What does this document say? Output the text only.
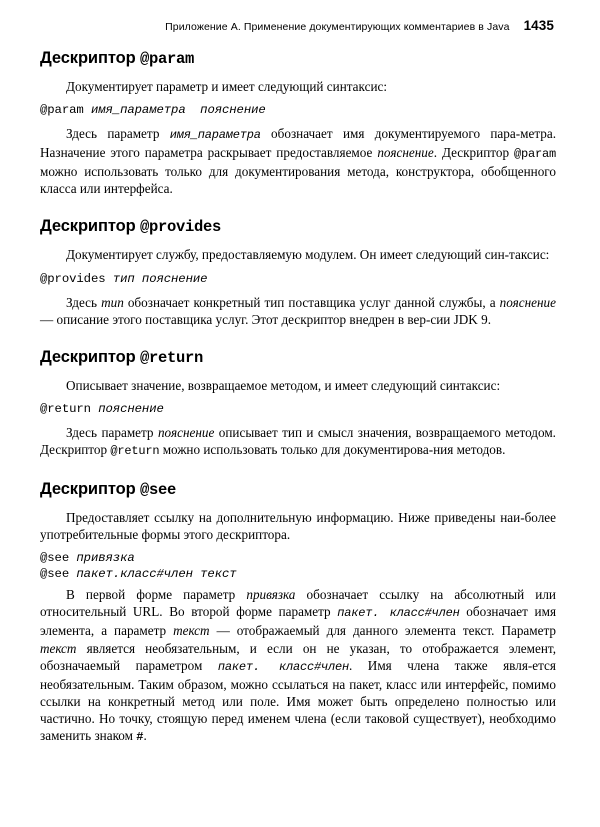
Приложение А. Применение документирующих комментариев в Java 1435
Дескриптор @param

Документирует параметр и имеет следующий синтаксис:

@param имя_параметра  пояснение

Здесь параметр имя_параметра обозначает имя документируемого пара-метра. Назначение этого параметра раскрывает предоставляемое пояснение. Дескриптор @param можно использовать только для документирования метода, конструктора, обобщенного класса или интерфейса.

Дескриптор @provides

Документирует службу, предоставляемую модулем. Он имеет следующий син-таксис:

@provides тип пояснение

Здесь тип обозначает конкретный тип поставщика услуг данной службы, а пояснение — описание этого поставщика услуг. Этот дескриптор внедрен в вер-сии JDK 9.

Дескриптор @return

Описывает значение, возвращаемое методом, и имеет следующий синтаксис:

@return пояснение

Здесь параметр пояснение описывает тип и смысл значения, возвращаемого методом. Дескриптор @return можно использовать только для документирова-ния методов.

Дескриптор @see

Предоставляет ссылку на дополнительную информацию. Ниже приведены наи-более употребительные формы этого дескриптора.

@see привязка
@see пакет.класс#член текст

В первой форме параметр привязка обозначает ссылку на абсолютный или относительный URL. Во второй форме параметр пакет. класс#член обозначает имя элемента, а параметр текст — отображаемый для данного элемента текст. Параметр текст является необязательным, и если он не указан, то отображается элемент, обозначаемый параметром пакет. класс#член. Имя члена также явля-ется необязательным. Таким образом, можно ссылаться на пакет, класс или интерфейс, помимо ссылки на конкретный метод или поле. Имя может быть определено полностью или частично. Но точку, стоящую перед именем члена (если таковой существует), необходимо заменить знаком #.
